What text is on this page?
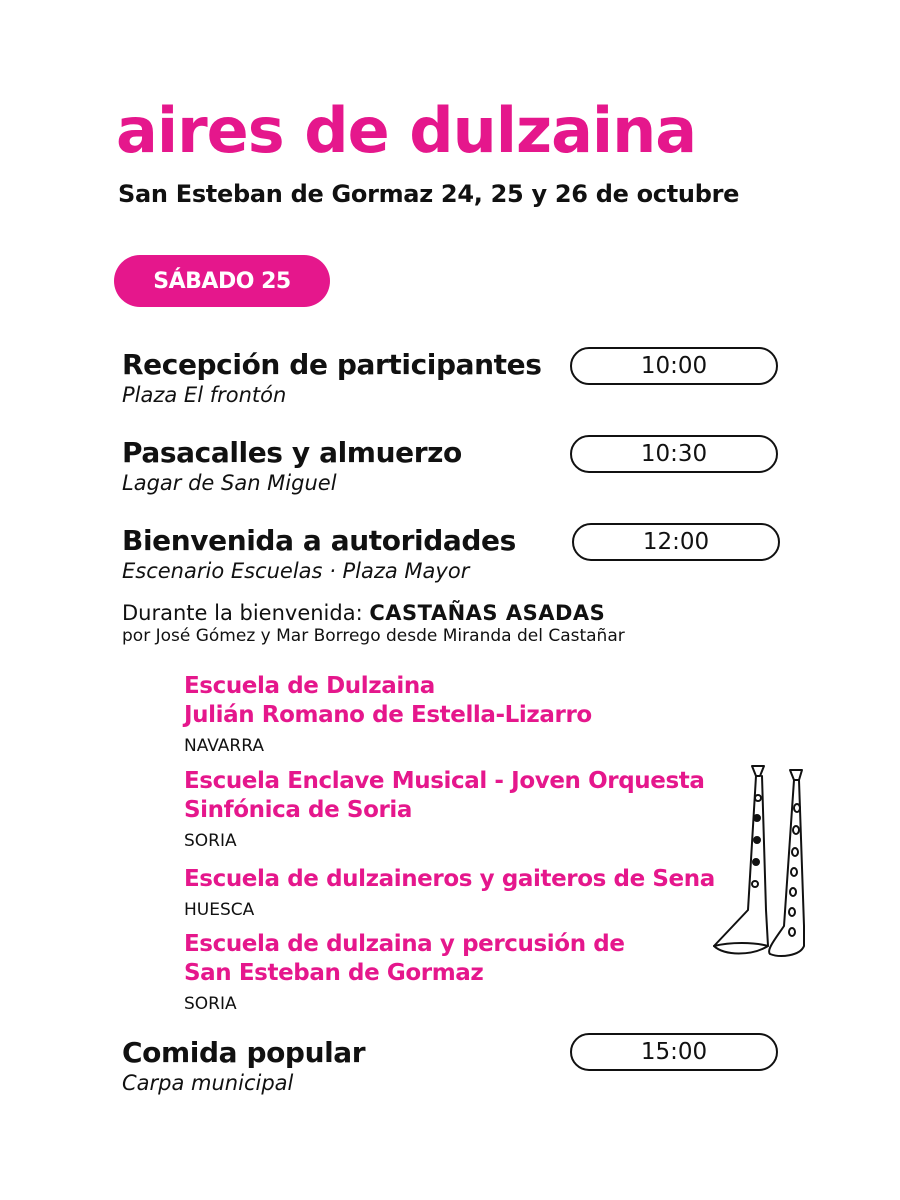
aires de dulzaina
San Esteban de Gormaz 24, 25 y 26 de octubre
SÁBADO 25
Recepción de participantes
Plaza El frontón
10:00
Pasacalles y almuerzo
Lagar de San Miguel
10:30
Bienvenida a autoridades
Escenario Escuelas · Plaza Mayor
12:00
Durante la bienvenida: CASTAÑAS ASADAS
por José Gómez y Mar Borrego desde Miranda del Castañar
Escuela de Dulzaina
Julián Romano de Estella-Lizarro
NAVARRA
Escuela Enclave Musical - Joven Orquesta
Sinfónica de Soria
SORIA
Escuela de dulzaineros y gaiteros de Sena
HUESCA
Escuela de dulzaina y percusión de
San Esteban de Gormaz
SORIA
Comida popular
Carpa municipal
15:00
